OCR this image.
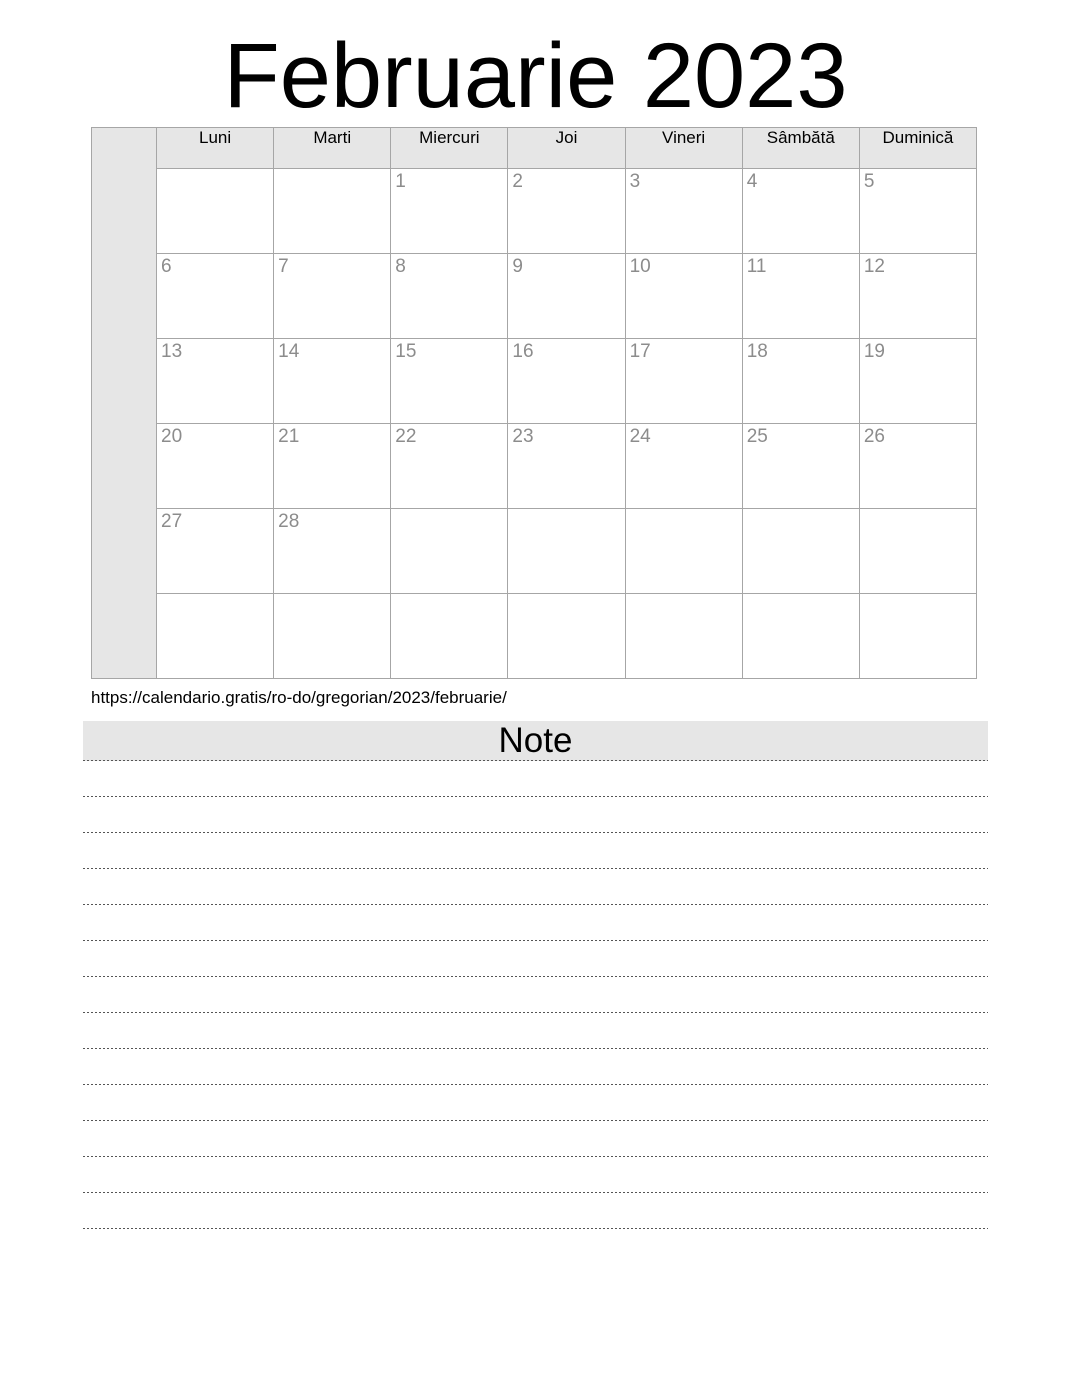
Februarie 2023
	Luni	Marti	Miercuri	Joi	Vineri	Sâmbătă	Duminică

			1	2	3	4	5

	6	7	8	9	10	11	12

	13	14	15	16	17	18	19

	20	21	22	23	24	25	26

	27	28					

https://calendario.gratis/ro-do/gregorian/2023/februarie/
Note
